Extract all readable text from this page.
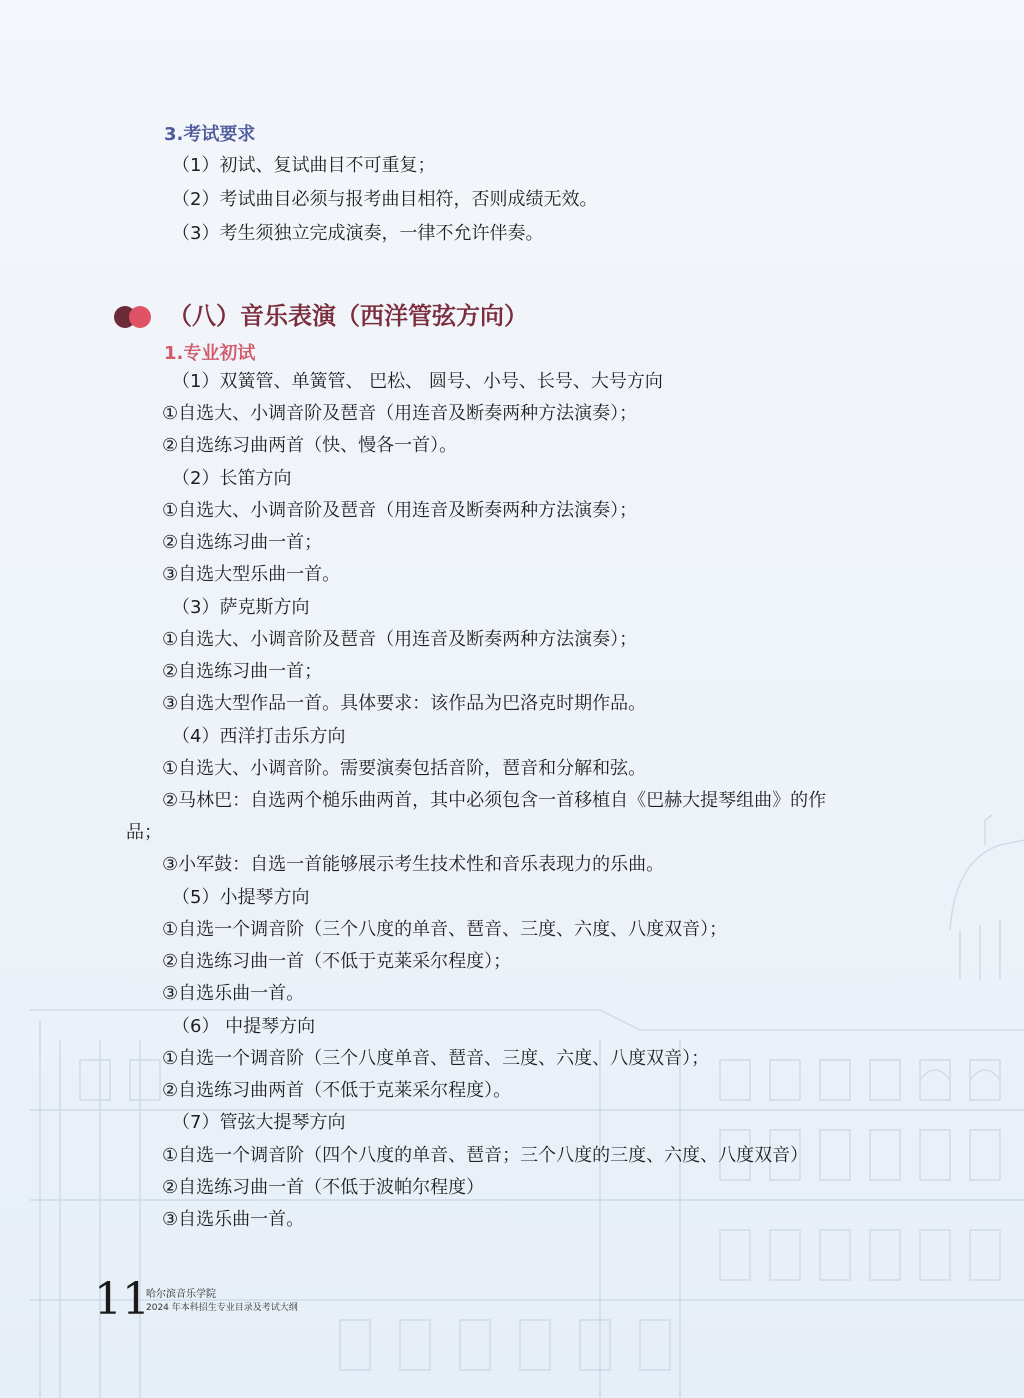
3.考试要求

（1）初试、复试曲目不可重复；

（2）考试曲目必须与报考曲目相符，否则成绩无效。

（3）考生须独立完成演奏，一律不允许伴奏。

（八）音乐表演（西洋管弦方向）

1.专业初试

（1）双簧管、单簧管、 巴松、 圆号、小号、长号、大号方向

①自选大、小调音阶及琶音（用连音及断奏两种方法演奏）；

②自选练习曲两首（快、慢各一首）。

（2）长笛方向

①自选大、小调音阶及琶音（用连音及断奏两种方法演奏）；

②自选练习曲一首；

③自选大型乐曲一首。

（3）萨克斯方向

①自选大、小调音阶及琶音（用连音及断奏两种方法演奏）；

②自选练习曲一首；

③自选大型作品一首。具体要求：该作品为巴洛克时期作品。

（4）西洋打击乐方向

①自选大、小调音阶。需要演奏包括音阶，琶音和分解和弦。

②马林巴：自选两个槌乐曲两首，其中必须包含一首移植自《巴赫大提琴组曲》的作

品；

③小军鼓：自选一首能够展示考生技术性和音乐表现力的乐曲。

（5）小提琴方向

①自选一个调音阶（三个八度的单音、琶音、三度、六度、八度双音）；

②自选练习曲一首（不低于克莱采尔程度）；

③自选乐曲一首。

（6） 中提琴方向

①自选一个调音阶（三个八度单音、琶音、三度、六度、八度双音）；

②自选练习曲两首（不低于克莱采尔程度）。

（7）管弦大提琴方向

①自选一个调音阶（四个八度的单音、琶音；三个八度的三度、六度、八度双音）

②自选练习曲一首（不低于波帕尔程度）

③自选乐曲一首。

11

哈尔滨音乐学院

2024 年本科招生专业目录及考试大纲
